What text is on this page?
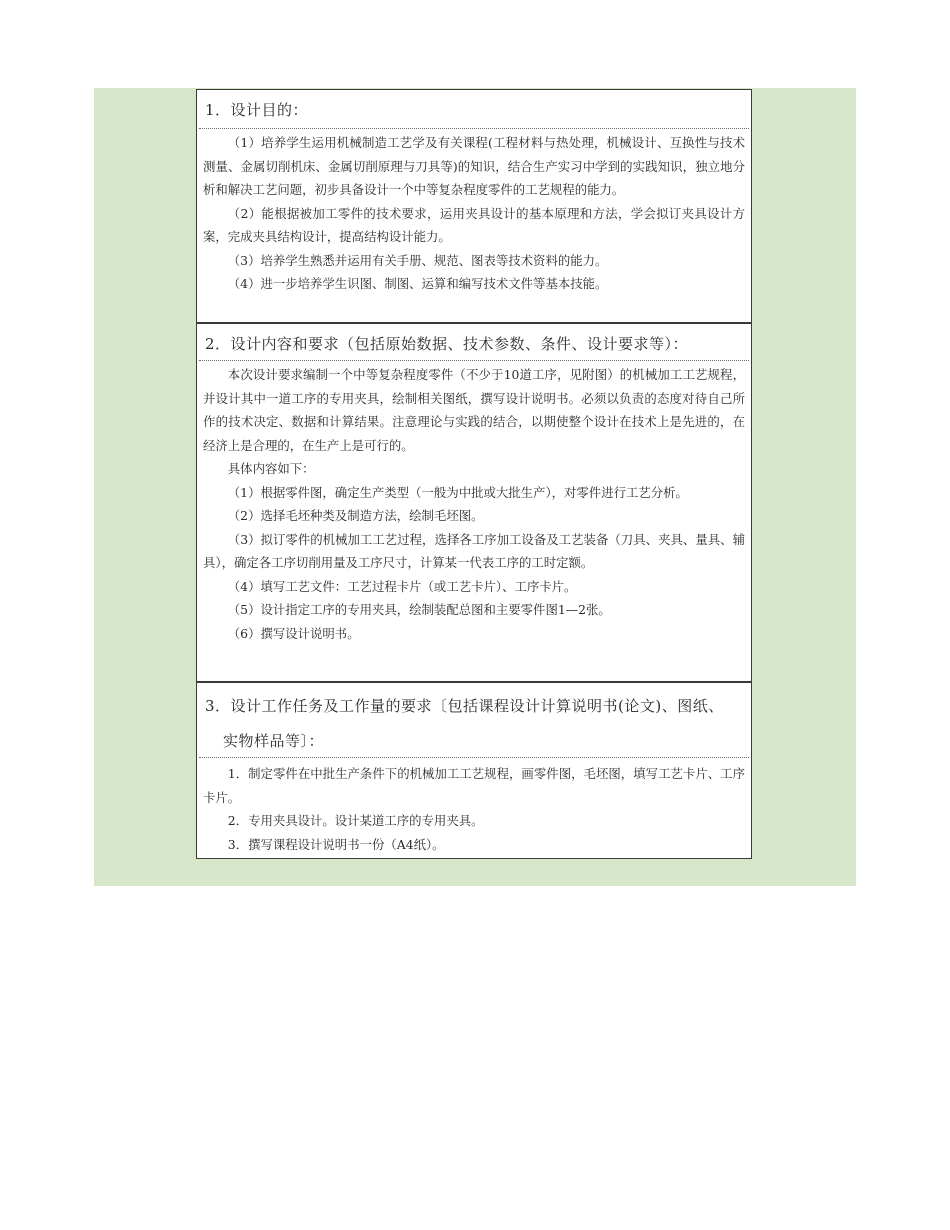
1．设计目的：

（1）培养学生运用机械制造工艺学及有关课程(工程材料与热处理，机械设计、互换性与技术测量、金属切削机床、金属切削原理与刀具等)的知识，结合生产实习中学到的实践知识，独立地分析和解决工艺问题，初步具备设计一个中等复杂程度零件的工艺规程的能力。

（2）能根据被加工零件的技术要求，运用夹具设计的基本原理和方法，学会拟订夹具设计方案，完成夹具结构设计，提高结构设计能力。

（3）培养学生熟悉并运用有关手册、规范、图表等技术资料的能力。

（4）进一步培养学生识图、制图、运算和编写技术文件等基本技能。

2．设计内容和要求（包括原始数据、技术参数、条件、设计要求等）：

本次设计要求编制一个中等复杂程度零件（不少于10道工序，见附图）的机械加工工艺规程，并设计其中一道工序的专用夹具，绘制相关图纸，撰写设计说明书。必须以负责的态度对待自己所作的技术决定、数据和计算结果。注意理论与实践的结合，以期使整个设计在技术上是先进的，在经济上是合理的，在生产上是可行的。

具体内容如下：

（1）根据零件图，确定生产类型（一般为中批或大批生产），对零件进行工艺分析。

（2）选择毛坯种类及制造方法，绘制毛坯图。

（3）拟订零件的机械加工工艺过程，选择各工序加工设备及工艺装备（刀具、夹具、量具、辅具），确定各工序切削用量及工序尺寸，计算某一代表工序的工时定额。

（4）填写工艺文件：工艺过程卡片（或工艺卡片）、工序卡片。

（5）设计指定工序的专用夹具，绘制装配总图和主要零件图1—2张。

（6）撰写设计说明书。

3．设计工作任务及工作量的要求〔包括课程设计计算说明书(论文)、图纸、
实物样品等〕：

1．制定零件在中批生产条件下的机械加工工艺规程，画零件图，毛坯图，填写工艺卡片、工序卡片。

2．专用夹具设计。设计某道工序的专用夹具。

3．撰写课程设计说明书一份（A4纸）。
